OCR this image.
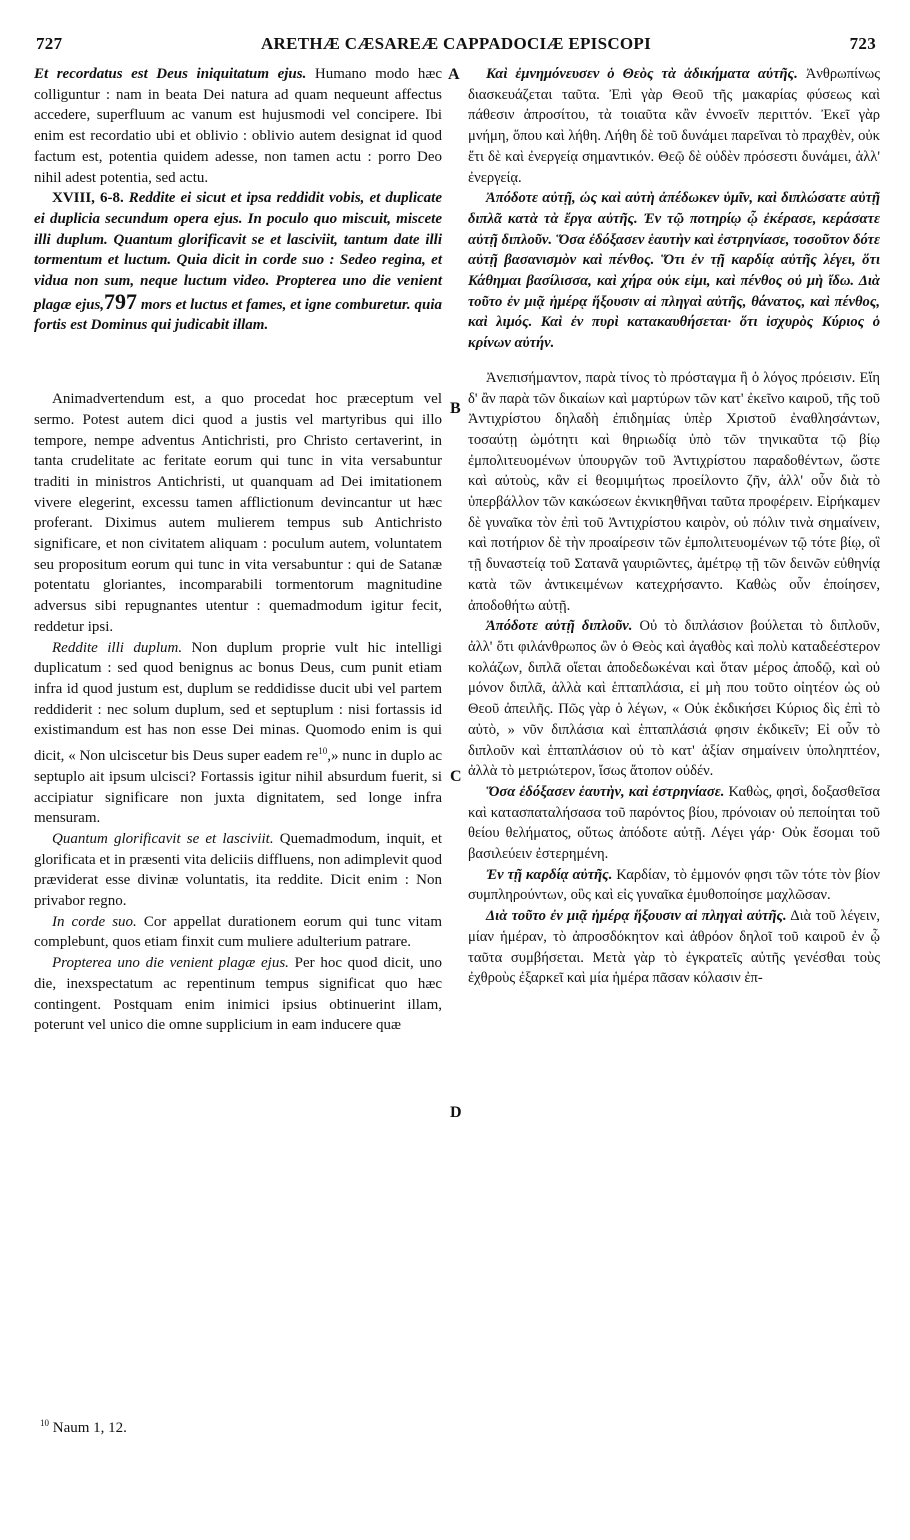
727	ARETHÆ CÆSAREÆ CAPPADOCIÆ EPISCOPI	723
A
B
C
D

Et recordatus est Deus iniquitatum ejus. Humano modo hæc colliguntur : nam in beata Dei natura ad quam nequeunt affectus accedere, superfluum ac vanum est hujusmodi vel concipere. Ibi enim est recordatio ubi et oblivio : oblivio autem designat id quod factum est, potentia quidem adesse, non tamen actu : porro Deo nihil adest potentia, sed actu.

XVIII, 6-8. Reddite ei sicut et ipsa reddidit vobis, et duplicate ei duplicia secundum opera ejus. In poculo quo miscuit, miscete illi duplum. Quantum glorificavit se et lasciviit, tantum date illi tormentum et luctum. Quia dicit in corde suo : Sedeo regina, et vidua non sum, neque luctum video. Propterea uno die venient plagæ ejus,797 mors et luctus et fames, et igne comburetur. quia fortis est Dominus qui judicabit illam.

Animadvertendum est, a quo procedat hoc præceptum vel sermo. Potest autem dici quod a justis vel martyribus qui illo tempore, nempe adventus Antichristi, pro Christo certaverint, in tanta crudelitate ac feritate eorum qui tunc in vita versabuntur traditi in ministros Antichristi, ut quanquam ad Dei imitationem vivere elegerint, excessu tamen afflictionum devincantur ut hæc proferant. Diximus autem mulierem tempus sub Antichristo significare, et non civitatem aliquam : poculum autem, voluntatem seu propositum eorum qui tunc in vita versabuntur : qui de Satanæ potentatu gloriantes, incomparabili tormentorum magnitudine adversus sibi repugnantes utentur : quemadmodum igitur fecit, reddetur ipsi.

Reddite illi duplum. Non duplum proprie vult hic intelligi duplicatum : sed quod benignus ac bonus Deus, cum punit etiam infra id quod justum est, duplum se reddidisse ducit ubi vel partem reddiderit : nec solum duplum, sed et septuplum : nisi fortassis id existimandum est has non esse Dei minas. Quomodo enim is qui dicit, « Non ulciscetur bis Deus super eadem $re^{10}$,» nunc in duplo ac septuplo ait ipsum ulcisci? Fortassis igitur nihil absurdum fuerit, si accipiatur significare non juxta dignitatem, sed longe infra mensuram.

Quantum glorificavit se et lasciviit. Quemadmodum, inquit, et glorificata et in præsenti vita deliciis diffluens, non adimplevit quod præviderat esse divinæ voluntatis, ita reddite. Dicit enim : Non privabor regno.

In corde suo. Cor appellat durationem eorum qui tunc vitam complebunt, quos etiam finxit cum muliere adulterium patrare.

Propterea uno die venient plagæ ejus. Per hoc quod dicit, uno die, inexspectatum ac repentinum tempus significat quo hæc contingent. Postquam enim inimici ipsius obtinuerint illam, poterunt vel unico die omne supplicium in eam inducere quæ

Καὶ ἐμνημόνευσεν ὁ Θεὸς τὰ ἀδικήματα αὐτῆς. Ἀνθρωπίνως διασκευάζεται ταῦτα. Ἐπὶ γὰρ Θεοῦ τῆς μακαρίας φύσεως καὶ πάθεσιν ἀπροσίτου, τὰ τοιαῦτα κἂν ἐννοεῖν περιττόν. Ἐκεῖ γὰρ μνήμη, ὅπου καὶ λήθη. Λήθη δὲ τοῦ δυνάμει παρεῖναι τὸ πραχθὲν, οὐκ ἔτι δὲ καὶ ἐνεργείᾳ σημαντικόν. Θεῷ δὲ οὐδὲν πρόσεστι δυνάμει, ἀλλ' ἐνεργείᾳ.

Ἀπόδοτε αὐτῇ, ὡς καὶ αὐτὴ ἀπέδωκεν ὑμῖν, καὶ διπλώσατε αὐτῇ διπλᾶ κατὰ τὰ ἔργα αὐτῆς. Ἐν τῷ ποτηρίῳ ᾧ ἐκέρασε, κεράσατε αὐτῇ διπλοῦν. Ὅσα ἐδόξασεν ἑαυτὴν καὶ ἐστρηνίασε, τοσοῦτον δότε αὐτῇ βασανισμὸν καὶ πένθος. Ὅτι ἐν τῇ καρδίᾳ αὐτῆς λέγει, ὅτι Κάθημαι βασίλισσα, καὶ χήρα οὐκ εἰμι, καὶ πένθος οὐ μὴ ἴδω. Διὰ τοῦτο ἐν μιᾷ ἡμέρᾳ ἥξουσιν αἱ πληγαὶ αὐτῆς, θάνατος, καὶ πένθος, καὶ λιμός. Καὶ ἐν πυρὶ κατακαυθήσεται· ὅτι ἰσχυρὸς Κύριος ὁ κρίνων αὐτήν.

Ἀνεπισήμαντον, παρὰ τίνος τὸ πρόσταγμα ἢ ὁ λόγος πρόεισιν. Εἴη δ' ἂν παρὰ τῶν δικαίων καὶ μαρτύρων τῶν κατ' ἐκεῖνο καιροῦ, τῆς τοῦ Ἀντιχρίστου δηλαδὴ ἐπιδημίας ὑπὲρ Χριστοῦ ἐναθλησάντων, τοσαύτῃ ὠμότητι καὶ θηριωδίᾳ ὑπὸ τῶν τηνικαῦτα τῷ βίῳ ἐμπολιτευομένων ὑπουργῶν τοῦ Ἀντιχρίστου παραδοθέντων, ὥστε καὶ αὐτοὺς, κἂν εἰ θεομιμήτως προείλοντο ζῆν, ἀλλ' οὖν διὰ τὸ ὑπερβάλλον τῶν κακώσεων ἐκνικηθῆναι ταῦτα προφέρειν. Εἰρήκαμεν δὲ γυναῖκα τὸν ἐπὶ τοῦ Ἀντιχρίστου καιρὸν, οὐ πόλιν τινὰ σημαίνειν, καὶ ποτήριον δὲ τὴν προαίρεσιν τῶν ἐμπολιτευομένων τῷ τότε βίῳ, οἳ τῇ δυναστείᾳ τοῦ Σατανᾶ γαυριῶντες, ἀμέτρῳ τῇ τῶν δεινῶν εὐθηνίᾳ κατὰ τῶν ἀντικειμένων κατεχρήσαντο. Καθὼς οὖν ἐποίησεν, ἀποδοθήτω αὐτῇ.

Ἀπόδοτε αὐτῇ διπλοῦν. Οὐ τὸ διπλάσιον βούλεται τὸ διπλοῦν, ἀλλ' ὅτι φιλάνθρωπος ὢν ὁ Θεὸς καὶ ἀγαθὸς καὶ πολὺ καταδεέστερον κολάζων, διπλᾶ οἴεται ἀποδεδωκέναι καὶ ὅταν μέρος ἀποδῷ, καὶ οὐ μόνον διπλᾶ, ἀλλὰ καὶ ἑπταπλάσια, εἰ μὴ που τοῦτο οἰητέον ὡς οὐ Θεοῦ ἀπειλῆς. Πῶς γὰρ ὁ λέγων, « Οὐκ ἐκδικήσει Κύριος δὶς ἐπὶ τὸ αὐτὸ, » νῦν διπλάσια καὶ ἑπταπλάσιά φησιν ἐκδικεῖν; Εἰ οὖν τὸ διπλοῦν καὶ ἑπταπλάσιον οὐ τὸ κατ' ἀξίαν σημαίνειν ὑποληπτέον, ἀλλὰ τὸ μετριώτερον, ἴσως ἄτοπον οὐδέν.

Ὅσα ἐδόξασεν ἑαυτὴν, καὶ ἐστρηνίασε. Καθὼς, φησὶ, δοξασθεῖσα καὶ κατασπαταλήσασα τοῦ παρόντος βίου, πρόνοιαν οὐ πεποίηται τοῦ θείου θελήματος, οὕτως ἀπόδοτε αὐτῇ. Λέγει γάρ· Οὐκ ἔσομαι τοῦ βασιλεύειν ἐστερημένη.

Ἐν τῇ καρδίᾳ αὐτῆς. Καρδίαν, τὸ ἐμμονόν φησι τῶν τότε τὸν βίον συμπληρούντων, οὓς καὶ εἰς γυναῖκα ἐμυθοποίησε μαχλῶσαν.

Διὰ τοῦτο ἐν μιᾷ ἡμέρᾳ ἥξουσιν αἱ πληγαὶ αὐτῆς. Διὰ τοῦ λέγειν, μίαν ἡμέραν, τὸ ἀπροσδόκητον καὶ ἀθρόον δηλοῖ τοῦ καιροῦ ἐν ᾧ ταῦτα συμβήσεται. Μετὰ γὰρ τὸ ἐγκρατεῖς αὐτῆς γενέσθαι τοὺς ἐχθροὺς ἐξαρκεῖ καὶ μία ἡμέρα πᾶσαν κόλασιν ἐπ-

$^{10}$ Naum 1, 12.
